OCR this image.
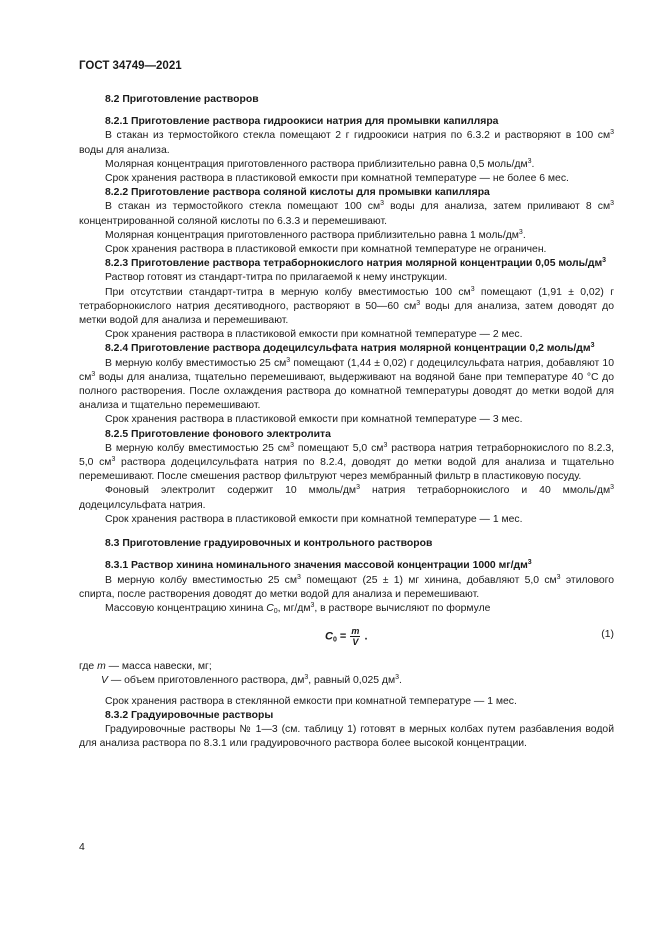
ГОСТ 34749—2021

8.2 Приготовление растворов

8.2.1 Приготовление раствора гидроокиси натрия для промывки капилляра

В стакан из термостойкого стекла помещают 2 г гидроокиси натрия по 6.3.2 и растворяют в 100 $см^3$ воды для анализа.

Молярная концентрация приготовленного раствора приблизительно равна 0,5 моль/$дм^3$.

Срок хранения раствора в пластиковой емкости при комнатной температуре — не более 6 мес.

8.2.2 Приготовление раствора соляной кислоты для промывки капилляра

В стакан из термостойкого стекла помещают 100 $см^3$ воды для анализа, затем приливают 8 $см^3$ концентрированной соляной кислоты по 6.3.3 и перемешивают.

Молярная концентрация приготовленного раствора приблизительно равна 1 моль/$дм^3$.

Срок хранения раствора в пластиковой емкости при комнатной температуре не ограничен.

8.2.3 Приготовление раствора тетраборнокислого натрия молярной концентрации 0,05 моль/$дм^3$

Раствор готовят из стандарт-титра по прилагаемой к нему инструкции.

При отсутствии стандарт-титра в мерную колбу вместимостью 100 $см^3$ помещают (1,91 ± 0,02) г тетраборнокислого натрия десятиводного, растворяют в 50—60 $см^3$ воды для анализа, затем доводят до метки водой для анализа и перемешивают.

Срок хранения раствора в пластиковой емкости при комнатной температуре — 2 мес.

8.2.4 Приготовление раствора додецилсульфата натрия молярной концентрации 0,2 моль/$дм^3$

В мерную колбу вместимостью 25 $см^3$ помещают (1,44 ± 0,02) г додецилсульфата натрия, добавляют 10 $см^3$ воды для анализа, тщательно перемешивают, выдерживают на водяной бане при температуре 40 °С до полного растворения. После охлаждения раствора до комнатной температуры доводят до метки водой для анализа и тщательно перемешивают.

Срок хранения раствора в пластиковой емкости при комнатной температуре — 3 мес.

8.2.5 Приготовление фонового электролита

В мерную колбу вместимостью 25 $см^3$ помещают 5,0 $см^3$ раствора натрия тетраборнокислого по 8.2.3, 5,0 $см^3$ раствора додецилсульфата натрия по 8.2.4, доводят до метки водой для анализа и тщательно перемешивают. После смешения раствор фильтруют через мембранный фильтр в пластиковую посуду.

Фоновый электролит содержит 10 ммоль/$дм^3$ натрия тетраборнокислого и 40 ммоль/$дм^3$ додецилсульфата натрия.

Срок хранения раствора в пластиковой емкости при комнатной температуре — 1 мес.

8.3 Приготовление градуировочных и контрольного растворов

8.3.1 Раствор хинина номинального значения массовой концентрации 1000 $мг/дм^3$

В мерную колбу вместимостью 25 $см^3$ помещают (25 ± 1) мг хинина, добавляют 5,0 $см^3$ этилового спирта, после растворения доводят до метки водой для анализа и перемешивают.

Массовую концентрацию хинина $C_0$, $мг/дм^3$, в растворе вычисляют по формуле

$C_0 = \frac{m}{V}$ .	(1)

где m — масса навески, мг;

V — объем приготовленного раствора, $дм^3$, равный 0,025 $дм^3$.

Срок хранения раствора в стеклянной емкости при комнатной температуре — 1 мес.

8.3.2 Градуировочные растворы

Градуировочные растворы № 1—3 (см. таблицу 1) готовят в мерных колбах путем разбавления водой для анализа раствора по 8.3.1 или градуировочного раствора более высокой концентрации.

4
